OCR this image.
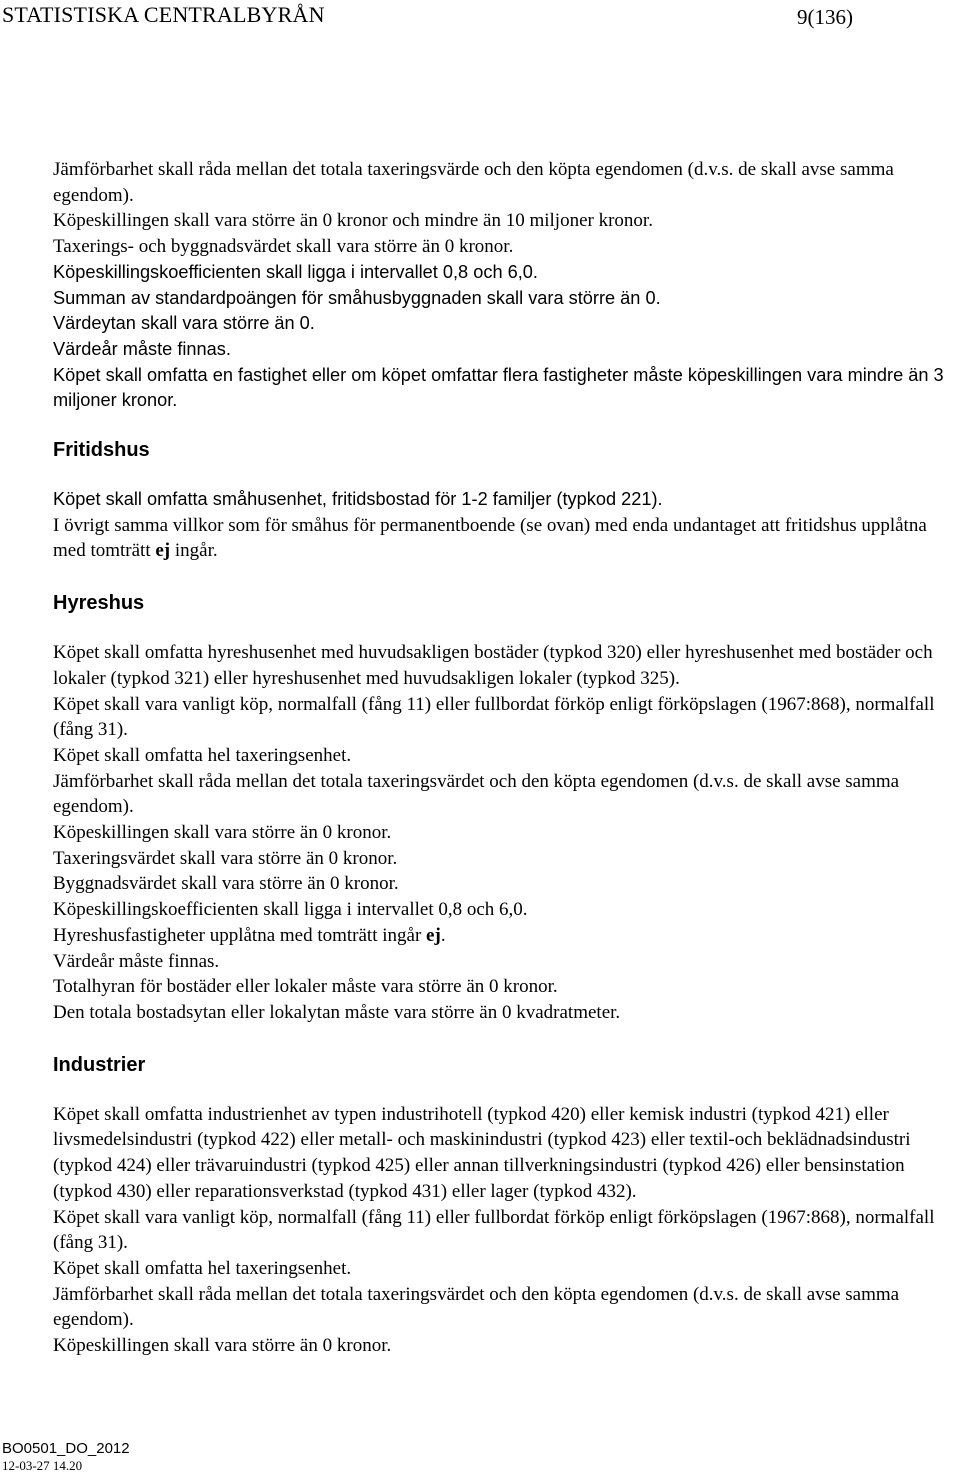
STATISTISKA CENTRALBYRÅN	9(136)

Jämförbarhet skall råda mellan det totala taxeringsvärde och den köpta egendomen (d.v.s. de skall avse samma egendom).

Köpeskillingen skall vara större än 0 kronor och mindre än 10 miljoner kronor.

Taxerings- och byggnadsvärdet skall vara större än 0 kronor.

Köpeskillingskoefficienten skall ligga i intervallet 0,8 och 6,0.

Summan av standardpoängen för småhusbyggnaden skall vara större än 0.

Värdeytan skall vara större än 0.

Värdeår måste finnas.

Köpet skall omfatta en fastighet eller om köpet omfattar flera fastigheter måste köpeskillingen vara mindre än 3 miljoner kronor.

Fritidshus

Köpet skall omfatta småhusenhet, fritidsbostad för 1-2 familjer (typkod 221).

I övrigt samma villkor som för småhus för permanentboende (se ovan) med enda undantaget att fritidshus upplåtna med tomträtt ej ingår.

Hyreshus

Köpet skall omfatta hyreshusenhet med huvudsakligen bostäder (typkod 320) eller hyreshusenhet med bostäder och lokaler (typkod 321) eller hyreshusenhet med huvudsakligen lokaler (typkod 325).

Köpet skall vara vanligt köp, normalfall (fång 11) eller fullbordat förköp enligt förköpslagen (1967:868), normalfall (fång 31).

Köpet skall omfatta hel taxeringsenhet.

Jämförbarhet skall råda mellan det totala taxeringsvärdet och den köpta egendomen (d.v.s. de skall avse samma egendom).

Köpeskillingen skall vara större än 0 kronor.

Taxeringsvärdet skall vara större än 0 kronor.

Byggnadsvärdet skall vara större än 0 kronor.

Köpeskillingskoefficienten skall ligga i intervallet 0,8 och 6,0.

Hyreshusfastigheter upplåtna med tomträtt ingår ej.

Värdeår måste finnas.

Totalhyran för bostäder eller lokaler måste vara större än 0 kronor.

Den totala bostadsytan eller lokalytan måste vara större än 0 kvadratmeter.

Industrier

Köpet skall omfatta industrienhet av typen industrihotell (typkod 420) eller kemisk industri (typkod 421) eller livsmedelsindustri (typkod 422) eller metall- och maskinindustri (typkod 423) eller textil-och beklädnadsindustri (typkod 424) eller trävaruindustri (typkod 425) eller annan tillverkningsindustri (typkod 426) eller bensinstation (typkod 430) eller reparationsverkstad (typkod 431) eller lager (typkod 432).

Köpet skall vara vanligt köp, normalfall (fång 11) eller fullbordat förköp enligt förköpslagen (1967:868), normalfall (fång 31).

Köpet skall omfatta hel taxeringsenhet.

Jämförbarhet skall råda mellan det totala taxeringsvärdet och den köpta egendomen (d.v.s. de skall avse samma egendom).

Köpeskillingen skall vara större än 0 kronor.

BO0501_DO_2012
12-03-27 14.20
